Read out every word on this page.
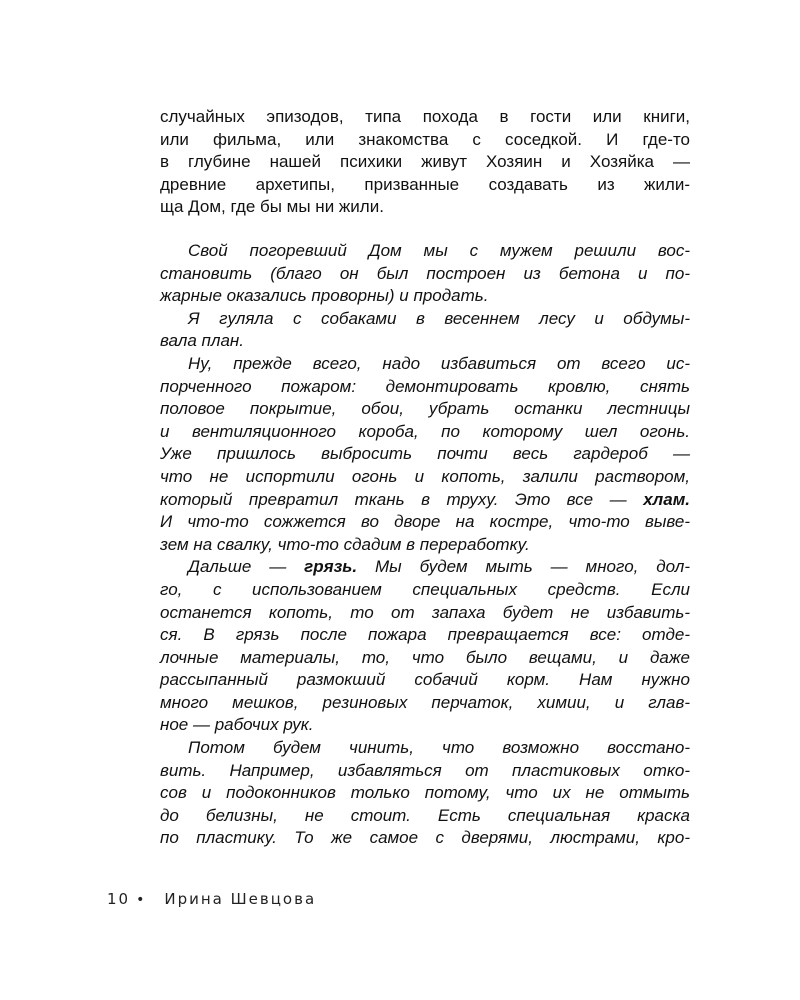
случайных эпизодов, типа похода в гости или книги,
или фильма, или знакомства с соседкой. И где-то
в глубине нашей психики живут Хозяин и Хозяйка —
древние архетипы, призванные создавать из жили-
ща Дом, где бы мы ни жили.
Свой погоревший Дом мы с мужем решили вос-
становить (благо он был построен из бетона и по-
жарные оказались проворны) и продать.
Я гуляла с собаками в весеннем лесу и обдумы-
вала план.
Ну, прежде всего, надо избавиться от всего ис-
порченного пожаром: демонтировать кровлю, снять
половое покрытие, обои, убрать останки лестницы
и вентиляционного короба, по которому шел огонь.
Уже пришлось выбросить почти весь гардероб —
что не испортили огонь и копоть, залили раствором,
который превратил ткань в труху. Это все — хлам.
И что-то сожжется во дворе на костре, что-то выве-
зем на свалку, что-то сдадим в переработку.
Дальше — грязь. Мы будем мыть — много, дол-
го, с использованием специальных средств. Если
останется копоть, то от запаха будет не избавить-
ся. В грязь после пожара превращается все: отде-
лочные материалы, то, что было вещами, и даже
рассыпанный размокший собачий корм. Нам нужно
много мешков, резиновых перчаток, химии, и глав-
ное — рабочих рук.
Потом будем чинить, что возможно восстано-
вить. Например, избавляться от пластиковых отко-
сов и подоконников только потому, что их не отмыть
до белизны, не стоит. Есть специальная краска
по пластику. То же самое с дверями, люстрами, кро-
10 • Ирина Шевцова
